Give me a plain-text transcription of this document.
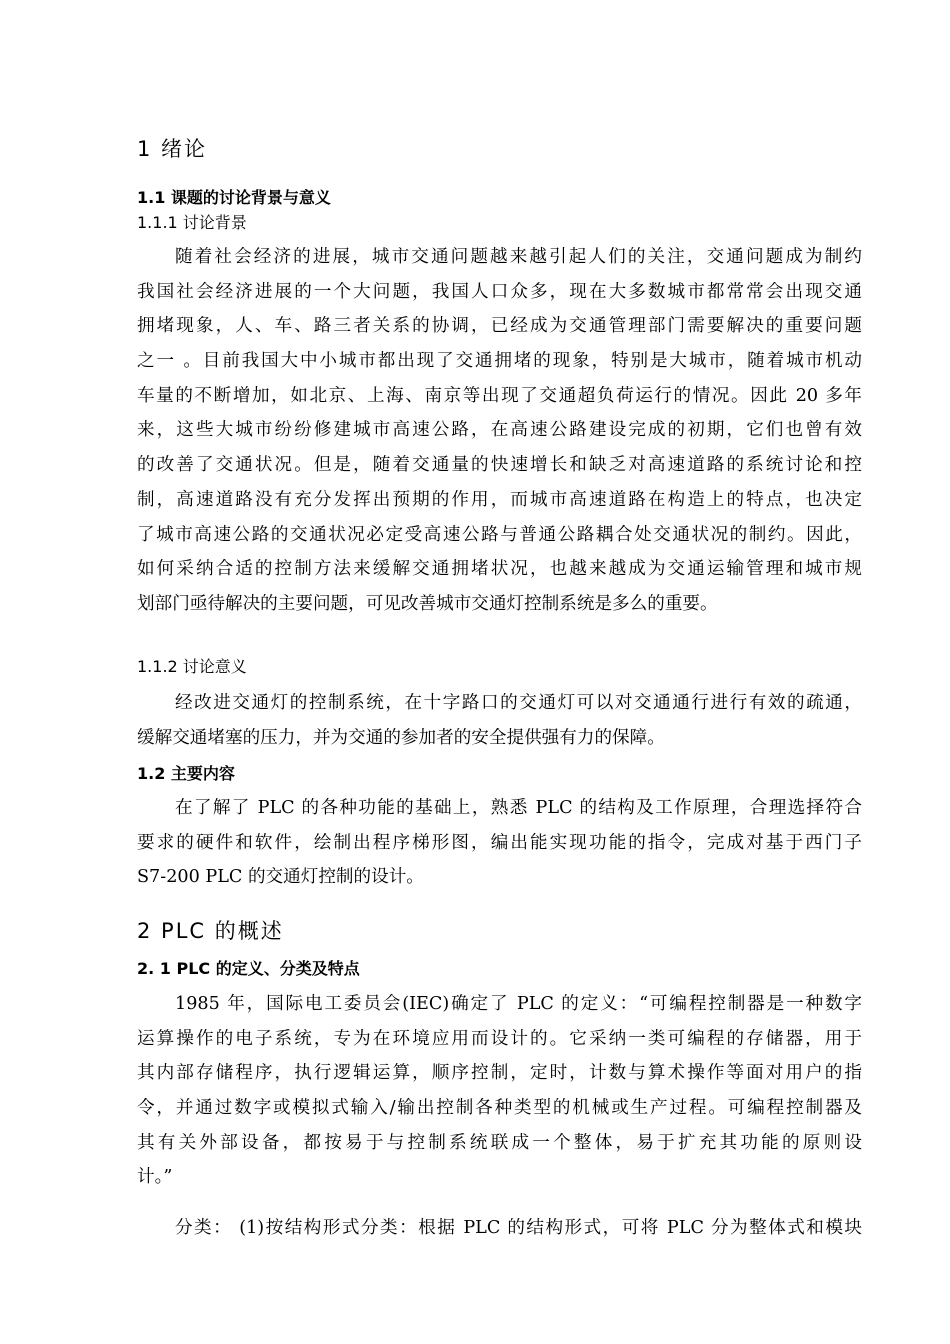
1 绪论
1.1 课题的讨论背景与意义
1.1.1 讨论背景
随着社会经济的进展，城市交通问题越来越引起人们的关注，交通问题成为制约
我国社会经济进展的一个大问题，我国人口众多，现在大多数城市都常常会出现交通
拥堵现象，人、车、路三者关系的协调，已经成为交通管理部门需要解决的重要问题
之一 。目前我国大中小城市都出现了交通拥堵的现象，特别是大城市，随着城市机动
车量的不断增加，如北京、上海、南京等出现了交通超负荷运行的情况。因此 20 多年
来，这些大城市纷纷修建城市高速公路，在高速公路建设完成的初期，它们也曾有效
的改善了交通状况。但是，随着交通量的快速增长和缺乏对高速道路的系统讨论和控
制，高速道路没有充分发挥出预期的作用，而城市高速道路在构造上的特点，也决定
了城市高速公路的交通状况必定受高速公路与普通公路耦合处交通状况的制约。因此，
如何采纳合适的控制方法来缓解交通拥堵状况，也越来越成为交通运输管理和城市规
划部门亟待解决的主要问题，可见改善城市交通灯控制系统是多么的重要。
1.1.2 讨论意义
经改进交通灯的控制系统，在十字路口的交通灯可以对交通通行进行有效的疏通，
缓解交通堵塞的压力，并为交通的参加者的安全提供强有力的保障。
1.2 主要内容
在了解了 PLC 的各种功能的基础上，熟悉 PLC 的结构及工作原理，合理选择符合
要求的硬件和软件，绘制出程序梯形图，编出能实现功能的指令，完成对基于西门子
S7-200 PLC 的交通灯控制的设计。
2 PLC 的概述
2. 1 PLC 的定义、分类及特点
1985 年，国际电工委员会(IEC)确定了 PLC 的定义：“可编程控制器是一种数字
运算操作的电子系统，专为在环境应用而设计的。它采纳一类可编程的存储器，用于
其内部存储程序，执行逻辑运算，顺序控制，定时，计数与算术操作等面对用户的指
令，并通过数字或模拟式输入/输出控制各种类型的机械或生产过程。可编程控制器及
其有关外部设备，都按易于与控制系统联成一个整体，易于扩充其功能的原则设
计。”
分类： (1)按结构形式分类：根据 PLC 的结构形式，可将 PLC 分为整体式和模块
